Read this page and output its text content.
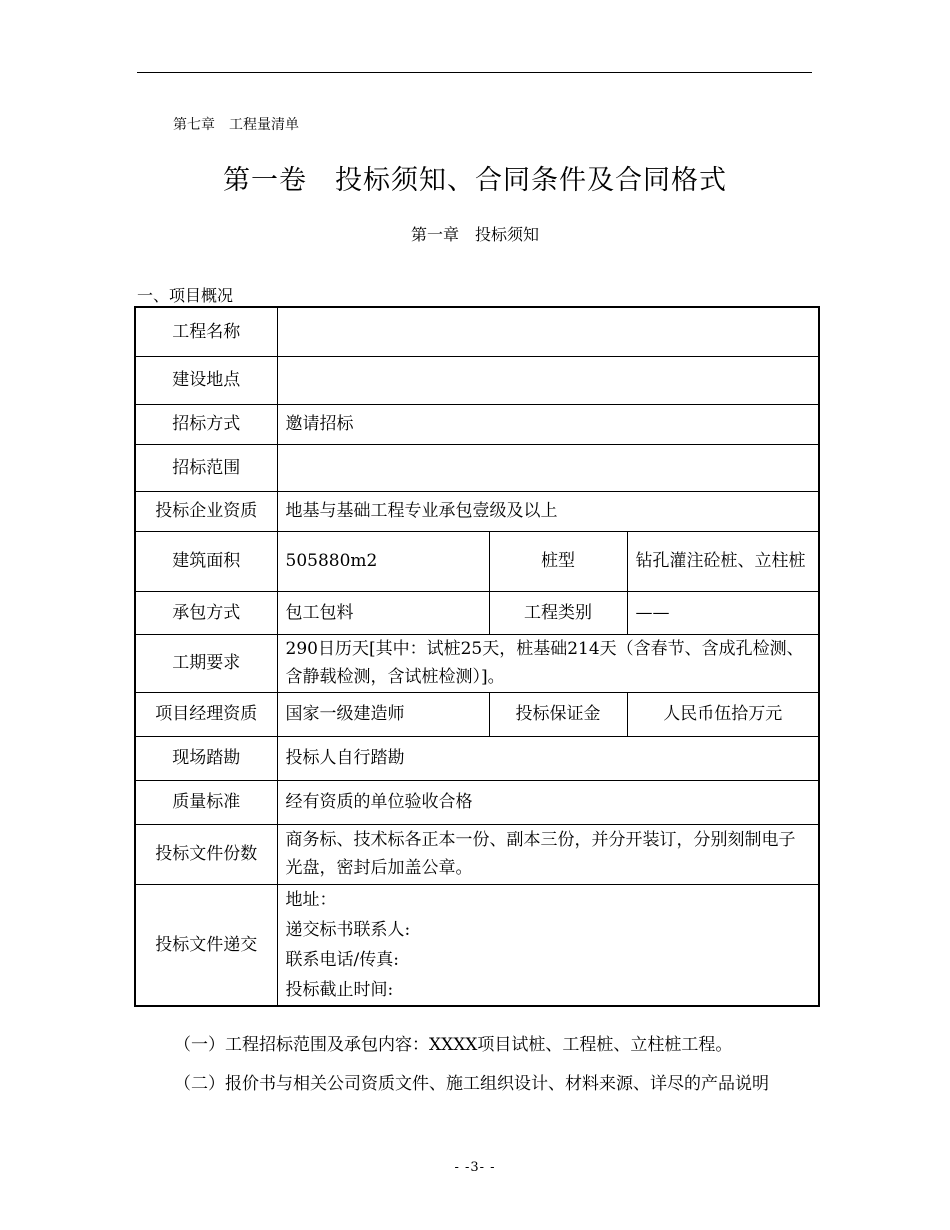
第七章　工程量清单
第一卷　投标须知、合同条件及合同格式
第一章　投标须知
一、项目概况
工程名称			
建设地点			
招标方式	邀请招标		
招标范围			
投标企业资质	地基与基础工程专业承包壹级及以上		
建筑面积	505880m2	桩型	钻孔灌注砼桩、立柱桩
承包方式	包工包料	工程类别	——
工期要求	290日历天[其中：试桩25天，桩基础214天（含春节、含成孔检测、含静载检测，含试桩检测）]。		
项目经理资质	国家一级建造师	投标保证金	人民币伍拾万元
现场踏勘	投标人自行踏勘		
质量标准	经有资质的单位验收合格		
投标文件份数	商务标、技术标各正本一份、副本三份，并分开装订，分别刻制电子光盘，密封后加盖公章。		
投标文件递交	地址：
递交标书联系人:
联系电话/传真:
投标截止时间:		
（一）工程招标范围及承包内容：XXXX项目试桩、工程桩、立柱桩工程。
（二）报价书与相关公司资质文件、施工组织设计、材料来源、详尽的产品说明
- -3- -
